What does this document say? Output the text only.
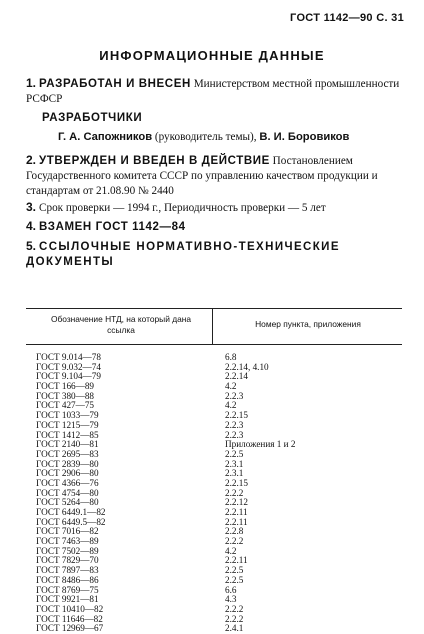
ГОСТ 1142—90 С. 31
ИНФОРМАЦИОННЫЕ ДАННЫЕ
1. РАЗРАБОТАН И ВНЕСЕН Министерством местной промышленности РСФСР
РАЗРАБОТЧИКИ
Г. А. Сапожников (руководитель темы), В. И. Боровиков
2. УТВЕРЖДЕН И ВВЕДЕН В ДЕЙСТВИЕ Постановлением Государственного комитета СССР по управлению качеством продукции и стандартам от 21.08.90 № 2440
3. Срок проверки — 1994 г., Периодичность проверки — 5 лет
4. ВЗАМЕН ГОСТ 1142—84
5. ССЫЛОЧНЫЕ НОРМАТИВНО-ТЕХНИЧЕСКИЕ ДОКУМЕНТЫ
Обозначение НТД, на который дана ссылка
Номер пункта, приложения
ГОСТ 9.014—78	6.8
ГОСТ 9.032—74	2.2.14, 4.10
ГОСТ 9.104—79	2.2.14
ГОСТ 166—89	4.2
ГОСТ 380—88	2.2.3
ГОСТ 427—75	4.2
ГОСТ 1033—79	2.2.15
ГОСТ 1215—79	2.2.3
ГОСТ 1412—85	2.2.3
ГОСТ 2140—81	Приложения 1 и 2
ГОСТ 2695—83	2.2.5
ГОСТ 2839—80	2.3.1
ГОСТ 2906—80	2.3.1
ГОСТ 4366—76	2.2.15
ГОСТ 4754—80	2.2.2
ГОСТ 5264—80	2.2.12
ГОСТ 6449.1—82	2.2.11
ГОСТ 6449.5—82	2.2.11
ГОСТ 7016—82	2.2.8
ГОСТ 7463—89	2.2.2
ГОСТ 7502—89	4.2
ГОСТ 7829—70	2.2.11
ГОСТ 7897—83	2.2.5
ГОСТ 8486—86	2.2.5
ГОСТ 8769—75	6.6
ГОСТ 9921—81	4.3
ГОСТ 10410—82	2.2.2
ГОСТ 11646—82	2.2.2
ГОСТ 12969—67	2.4.1
